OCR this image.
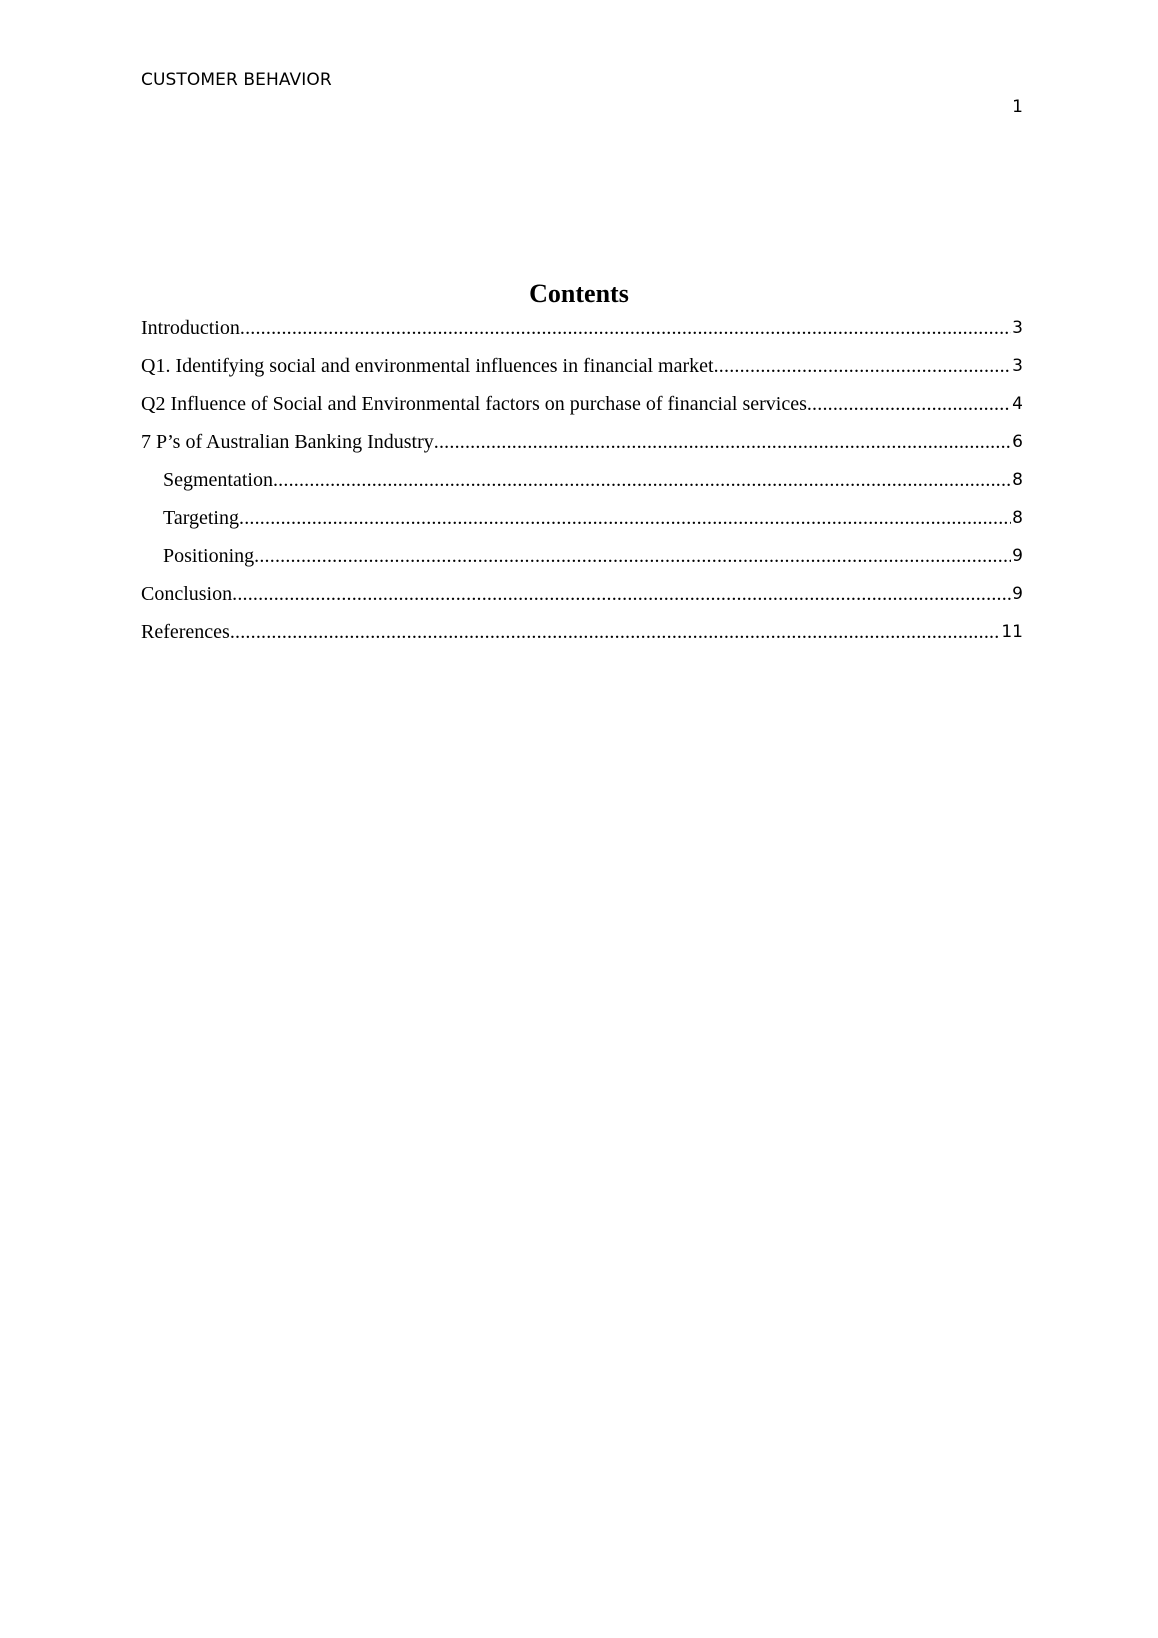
CUSTOMER BEHAVIOR
1
Contents
Introduction .....	3
Q1. Identifying social and environmental influences in financial market .....	3
Q2 Influence of Social and Environmental factors on purchase of financial services .....	4
7 P’s of Australian Banking Industry .....	6
Segmentation .....	8
Targeting .....	8
Positioning .....	9
Conclusion .....	9
References .....	11
